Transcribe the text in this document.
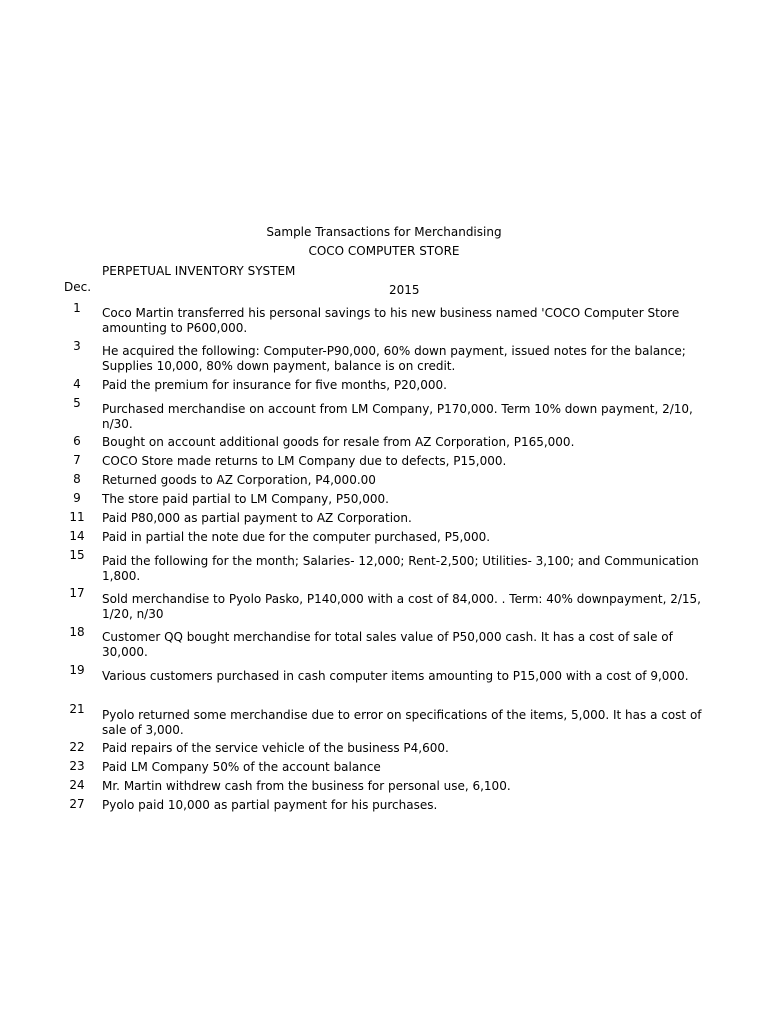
Sample Transactions for Merchandising
COCO COMPUTER STORE
PERPETUAL INVENTORY SYSTEM
Dec.	2015
1	Coco Martin transferred his personal savings to his new business named 'COCO Computer Store amounting to P600,000.
3	He acquired the following: Computer-P90,000, 60% down payment, issued notes for the balance; Supplies 10,000, 80% down payment, balance is on credit.
4	Paid the premium for insurance for five months, P20,000.
5	Purchased merchandise on account from LM Company, P170,000. Term 10% down payment, 2/10, n/30.
6	Bought on account additional goods for resale from AZ Corporation, P165,000.
7	COCO Store made returns to LM Company due to defects, P15,000.
8	Returned goods to AZ Corporation, P4,000.00
9	The store paid partial to LM Company, P50,000.
11	Paid P80,000 as partial payment to AZ Corporation.
14	Paid in partial the note due for the computer purchased, P5,000.
15	Paid the following for the month; Salaries- 12,000; Rent-2,500; Utilities- 3,100; and Communication 1,800.
17	Sold merchandise to Pyolo Pasko, P140,000 with a cost of 84,000. . Term: 40% downpayment, 2/15, 1/20, n/30
18	Customer QQ bought merchandise for total sales value of P50,000 cash. It has a cost of sale of 30,000.
19	Various customers purchased in cash computer items amounting to P15,000 with a cost of 9,000.
21	Pyolo returned some merchandise due to error on specifications of the items, 5,000. It has a cost of sale of 3,000.
22	Paid repairs of the service vehicle of the business P4,600.
23	Paid LM Company 50% of the account balance
24	Mr. Martin withdrew cash from the business for personal use, 6,100.
27	Pyolo paid 10,000 as partial payment for his purchases.
